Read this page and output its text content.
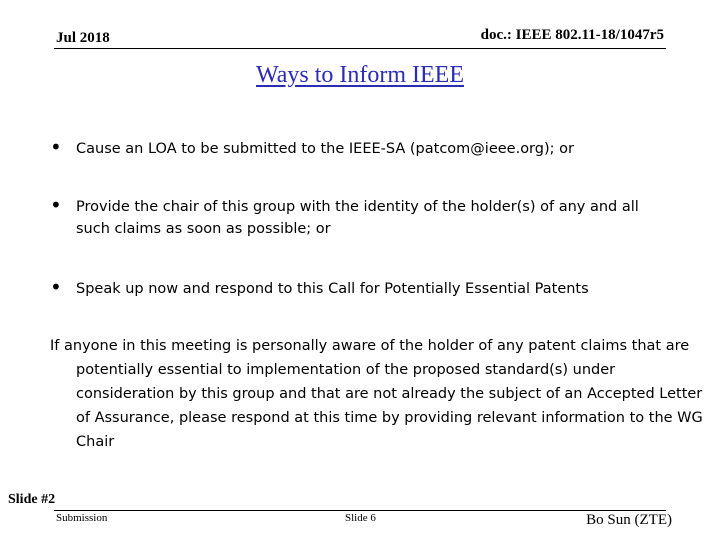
Jul 2018	doc.: IEEE 802.11-18/1047r5
Ways to Inform IEEE
• Cause an LOA to be submitted to the IEEE-SA (patcom@ieee.org); or
• Provide the chair of this group with the identity of the holder(s) of any and all such claims as soon as possible; or
• Speak up now and respond to this Call for Potentially Essential Patents
If anyone in this meeting is personally aware of the holder of any patent claims that are potentially essential to implementation of the proposed standard(s) under consideration by this group and that are not already the subject of an Accepted Letter of Assurance, please respond at this time by providing relevant information to the WG Chair
Slide #2
Submission	Slide 6	Bo Sun (ZTE)
